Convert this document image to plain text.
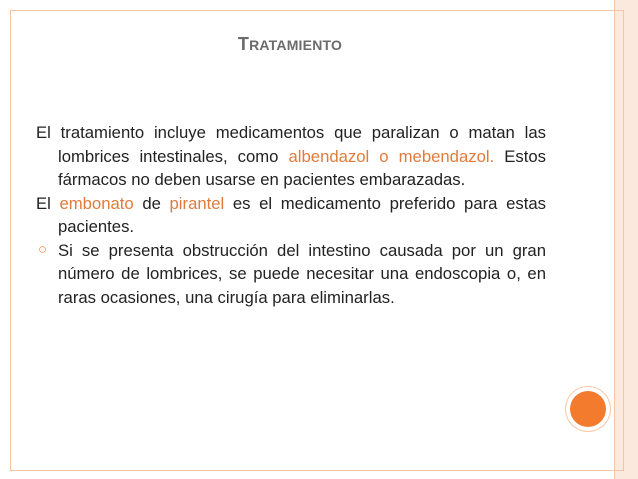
TRATAMIENTO

El tratamiento incluye medicamentos que paralizan o matan las lombrices intestinales, como albendazol o mebendazol. Estos fármacos no deben usarse en pacientes embarazadas.

El embonato de pirantel es el medicamento preferido para estas pacientes.

○ Si se presenta obstrucción del intestino causada por un gran número de lombrices, se puede necesitar una endoscopia o, en raras ocasiones, una cirugía para eliminarlas.
